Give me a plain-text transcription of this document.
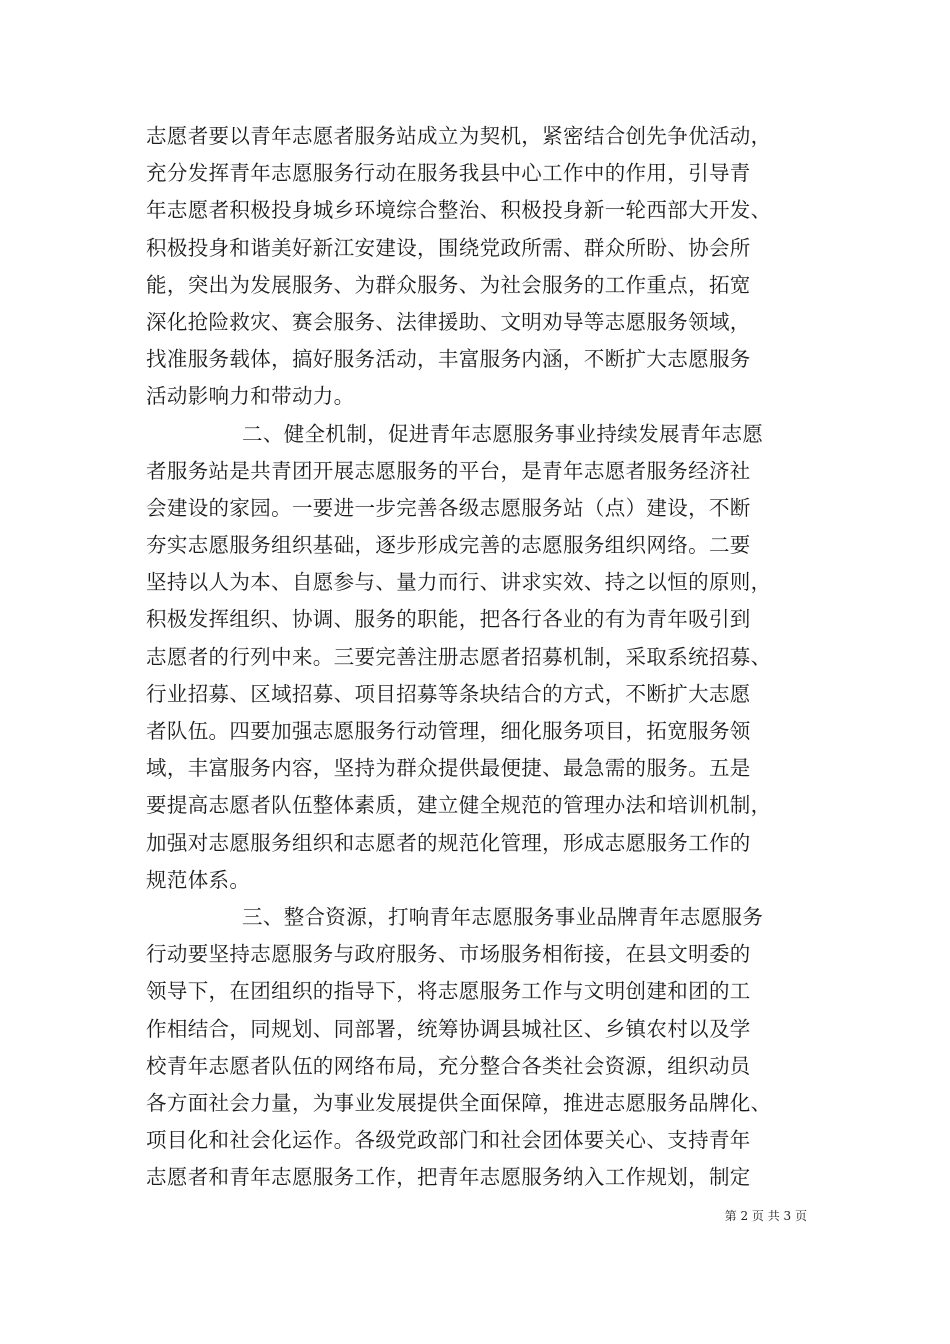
志愿者要以青年志愿者服务站成立为契机，紧密结合创先争优活动，
充分发挥青年志愿服务行动在服务我县中心工作中的作用，引导青
年志愿者积极投身城乡环境综合整治、积极投身新一轮西部大开发、
积极投身和谐美好新江安建设，围绕党政所需、群众所盼、协会所
能，突出为发展服务、为群众服务、为社会服务的工作重点，拓宽
深化抢险救灾、赛会服务、法律援助、文明劝导等志愿服务领域，
找准服务载体，搞好服务活动，丰富服务内涵，不断扩大志愿服务
活动影响力和带动力。
二、健全机制，促进青年志愿服务事业持续发展青年志愿
者服务站是共青团开展志愿服务的平台，是青年志愿者服务经济社
会建设的家园。一要进一步完善各级志愿服务站（点）建设，不断
夯实志愿服务组织基础，逐步形成完善的志愿服务组织网络。二要
坚持以人为本、自愿参与、量力而行、讲求实效、持之以恒的原则，
积极发挥组织、协调、服务的职能，把各行各业的有为青年吸引到
志愿者的行列中来。三要完善注册志愿者招募机制，采取系统招募、
行业招募、区域招募、项目招募等条块结合的方式，不断扩大志愿
者队伍。四要加强志愿服务行动管理，细化服务项目，拓宽服务领
域，丰富服务内容，坚持为群众提供最便捷、最急需的服务。五是
要提高志愿者队伍整体素质，建立健全规范的管理办法和培训机制，
加强对志愿服务组织和志愿者的规范化管理，形成志愿服务工作的
规范体系。
三、整合资源，打响青年志愿服务事业品牌青年志愿服务
行动要坚持志愿服务与政府服务、市场服务相衔接，在县文明委的
领导下，在团组织的指导下，将志愿服务工作与文明创建和团的工
作相结合，同规划、同部署，统筹协调县城社区、乡镇农村以及学
校青年志愿者队伍的网络布局，充分整合各类社会资源，组织动员
各方面社会力量，为事业发展提供全面保障，推进志愿服务品牌化、
项目化和社会化运作。各级党政部门和社会团体要关心、支持青年
志愿者和青年志愿服务工作，把青年志愿服务纳入工作规划，制定
第 2 页 共 3 页
